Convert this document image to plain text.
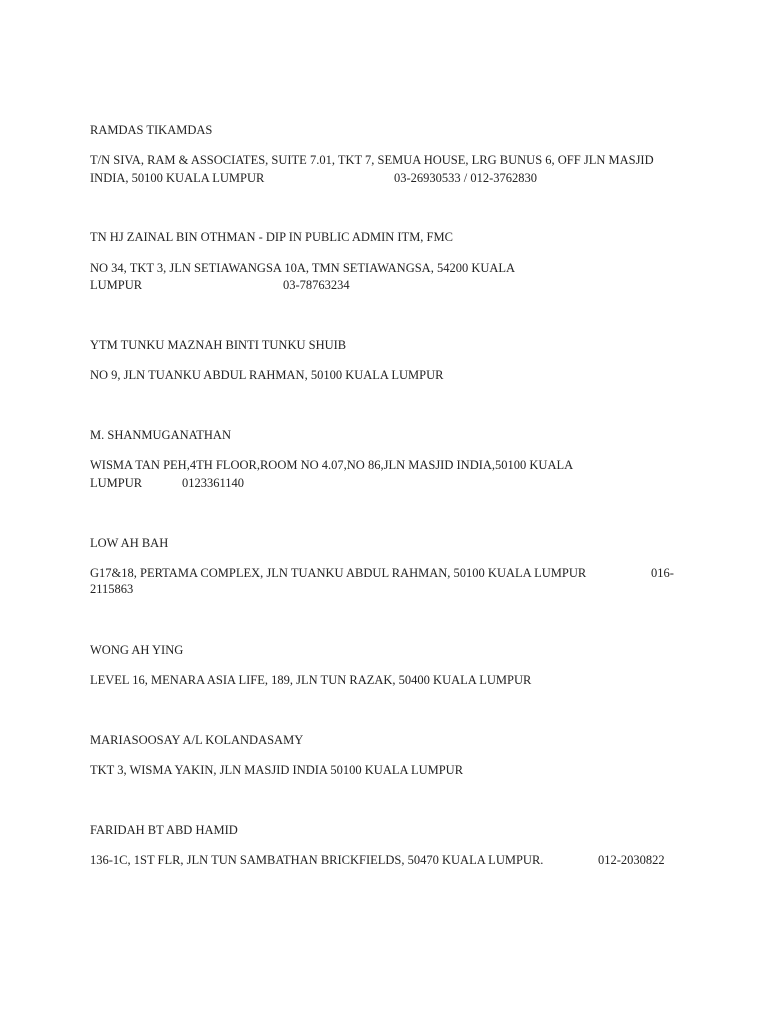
RAMDAS TIKAMDAS
T/N SIVA, RAM & ASSOCIATES, SUITE 7.01, TKT 7, SEMUA HOUSE, LRG BUNUS 6, OFF JLN MASJID
INDIA, 50100 KUALA LUMPUR	03-26930533 / 012-3762830
TN HJ ZAINAL BIN OTHMAN - DIP IN PUBLIC ADMIN ITM, FMC
NO 34, TKT 3, JLN SETIAWANGSA 10A, TMN SETIAWANGSA, 54200 KUALA
LUMPUR	03-78763234
YTM TUNKU MAZNAH BINTI TUNKU SHUIB
NO 9, JLN TUANKU ABDUL RAHMAN, 50100 KUALA LUMPUR
M. SHANMUGANATHAN
WISMA TAN PEH,4TH FLOOR,ROOM NO 4.07,NO 86,JLN MASJID INDIA,50100 KUALA
LUMPUR	0123361140
LOW AH BAH
G17&18, PERTAMA COMPLEX, JLN TUANKU ABDUL RAHMAN, 50100 KUALA LUMPUR	016-
2115863
WONG AH YING
LEVEL 16, MENARA ASIA LIFE, 189, JLN TUN RAZAK, 50400 KUALA LUMPUR
MARIASOOSAY A/L KOLANDASAMY
TKT 3, WISMA YAKIN, JLN MASJID INDIA 50100 KUALA LUMPUR
FARIDAH BT ABD HAMID
136-1C, 1ST FLR, JLN TUN SAMBATHAN BRICKFIELDS, 50470 KUALA LUMPUR.	012-2030822
